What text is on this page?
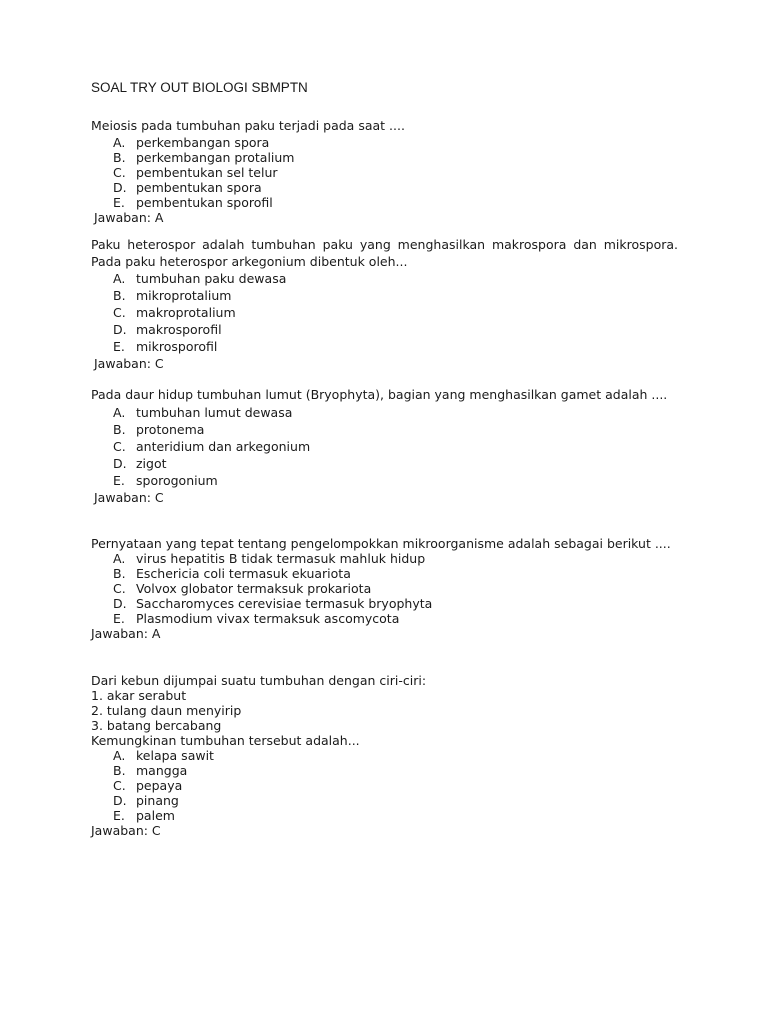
SOAL TRY OUT BIOLOGI SBMPTN

Meiosis pada tumbuhan paku terjadi pada saat ....

A. perkembangan spora
B. perkembangan protalium
C. pembentukan sel telur
D. pembentukan spora
E. pembentukan sporofil

Jawaban: A

Paku heterospor adalah tumbuhan paku yang menghasilkan makrospora dan mikrospora. Pada paku heterospor arkegonium dibentuk oleh...

A. tumbuhan paku dewasa
B. mikroprotalium
C. makroprotalium
D. makrosporofil
E. mikrosporofil

Jawaban: C

Pada daur hidup tumbuhan lumut (Bryophyta), bagian yang menghasilkan gamet adalah ....

A. tumbuhan lumut dewasa
B. protonema
C. anteridium dan arkegonium
D. zigot
E. sporogonium

Jawaban: C

Pernyataan yang tepat tentang pengelompokkan mikroorganisme adalah sebagai berikut ....

A. virus hepatitis B tidak termasuk mahluk hidup
B. Eschericia coli termasuk ekuariota
C. Volvox globator termaksuk prokariota
D. Saccharomyces cerevisiae termasuk bryophyta
E. Plasmodium vivax termaksuk ascomycota

Jawaban: A

Dari kebun dijumpai suatu tumbuhan dengan ciri-ciri:

1. akar serabut

2. tulang daun menyirip

3. batang bercabang

Kemungkinan tumbuhan tersebut adalah...

A. kelapa sawit
B. mangga
C. pepaya
D. pinang
E. palem

Jawaban: C
